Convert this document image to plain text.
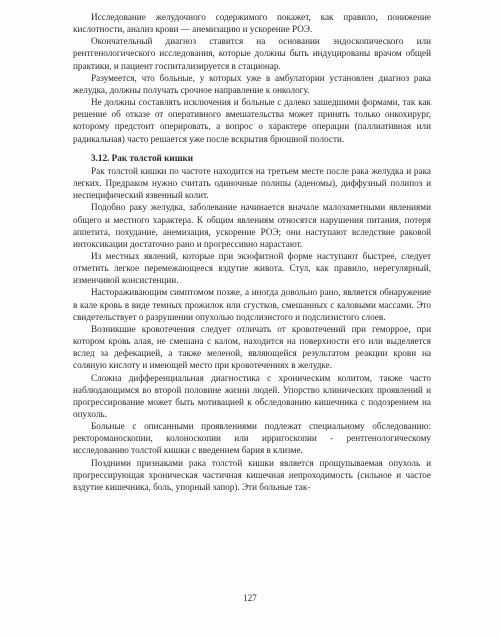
Исследование желудочного содержимого покажет, как правило, понижение кислотности, анализ крови — анемизацию и ускорение РОЭ.

Окончательный диагноз ставится на основании эндоскопического или рентгенологического исследования, которые должны быть индуцированы врачом общей практики, и пациент госпитализируется в стационар.

Разумеется, что больные, у которых уже в амбулатории установлен диагноз рака желудка, должны получать срочное направление к онкологу.

Не должны составлять исключения и больные с далеко зашедшими формами, так как решение об отказе от оперативного вмешательства может принять только онкохирург, которому предстоит оперировать, а вопрос о характере операции (паллиативная или радикальная) часто решается уже после вскрытия брюшной полости.

3.12. Рак толстой кишки

Рак толстой кишки по частоте находится на третьем месте после рака желудка и рака легких. Предраком нужно считать одиночные полипы (аденомы), диффузный полипоз и неспецифический язвенный колит.

Подобно раку желудка, заболевание начинается вначале малозаметными явлениями общего и местного характера. К общим явлениям относятся нарушения питания, потеря аппетита, похудание, анемизация, ускорение РОЭ; они наступают вследствие раковой интоксикации достаточно рано и прогрессивно нарастают.

Из местных явлений, которые при экзофитной форме наступают быстрее, следует отметить легкое перемежающееся вздутие живота. Стул, как правило, нерегулярный, изменчивой консистенции.

Настораживающим симптомом позже, а иногда довольно рано, является обнаружение в кале кровь в виде темных прожилок или сгустков, смешанных с каловыми массами. Это свидетельствует о разрушении опухолью подслизистого и подслизистого слоев.

Возникшие кровотечения следует отличать от кровотечений при геморрое, при котором кровь алая, не смешана с калом, находится на поверхности его или выделяется вслед за дефекацией, а также меленой, являющейся результатом реакции крови на соляную кислоту и имеющей место при кровотечениях в желудке.

Сложна дифференциальная диагностика с хроническим колитом, также часто наблюдающимся во второй половине жизни людей. Упорство клинических проявлений и прогрессирование может быть мотивацией к обследованию кишечника с подозрением на опухоль.

Больные с описанными проявлениями подлежат специальному обследованию: ректороманоскопии, колоноскопии или ирригоскопии - рентгенологическому исследованию толстой кишки с введением бария в клизме.

Поздними признаками рака толстой кишки является прощупываемая опухоль и прогрессирующая хроническая частичная кишечная непроходимость (сильное и частое вздутие кишечника, боль, упорный запор). Эти больные так-

127
